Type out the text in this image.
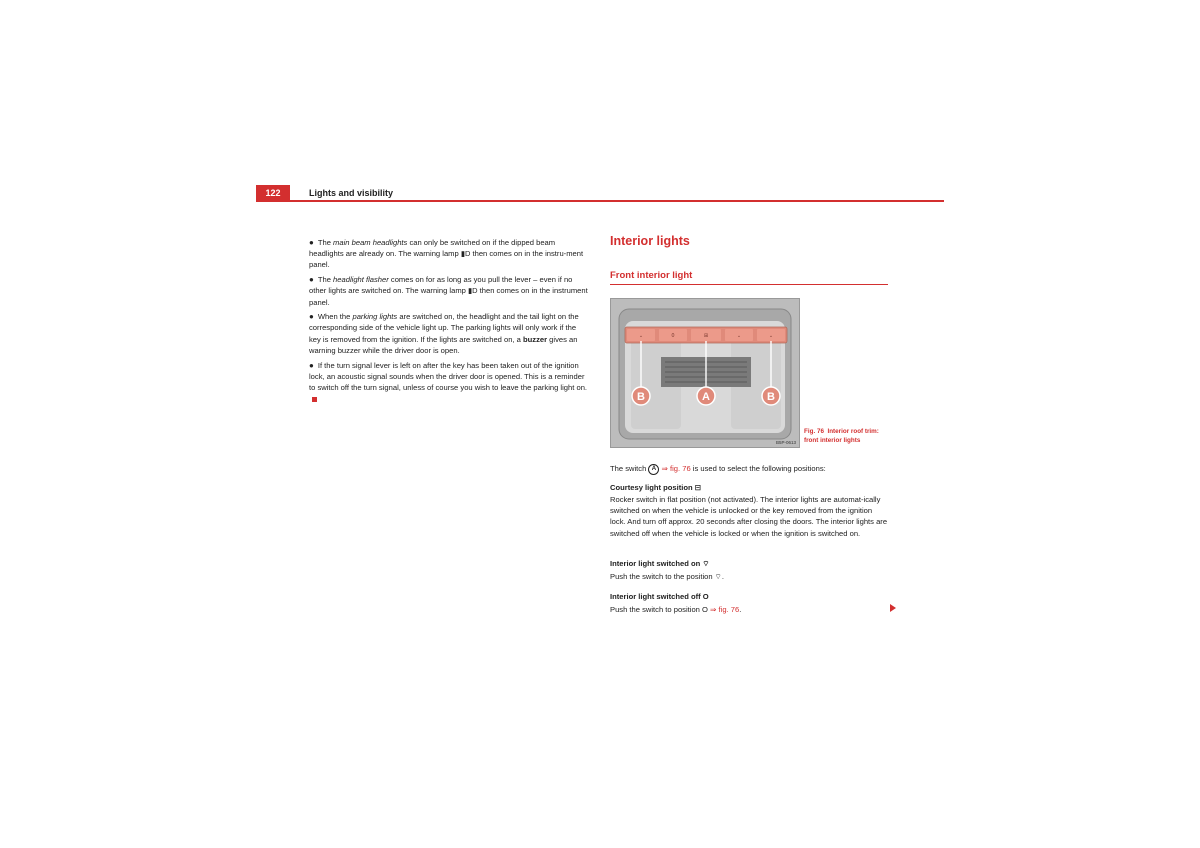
122	Lights and visibility
● The main beam headlights can only be switched on if the dipped beam headlights are already on. The warning lamp ▮D then comes on in the instru-ment panel.
● The headlight flasher comes on for as long as you pull the lever – even if no other lights are switched on. The warning lamp ▮D then comes on in the instrument panel.
● When the parking lights are switched on, the headlight and the tail light on the corresponding side of the vehicle light up. The parking lights will only work if the key is removed from the ignition. If the lights are switched on, a buzzer gives an warning buzzer while the driver door is open.
● If the turn signal lever is left on after the key has been taken out of the ignition lock, an acoustic signal sounds when the driver door is opened. This is a reminder to switch off the turn signal, unless of course you wish to leave the parking light on.
Interior lights
Front interior light
⌄	0	⊞	⌄	⌄
B	A	B
B5P-0613
Fig. 76 Interior roof trim: front interior lights
The switch A ⇒ fig. 76 is used to select the following positions:
Courtesy light position ⊟
Rocker switch in flat position (not activated). The interior lights are automat-ically switched on when the vehicle is unlocked or the key removed from the ignition lock. And turn off approx. 20 seconds after closing the doors. The interior lights are switched off when the vehicle is locked or when the ignition is switched on.
Interior light switched on ⌔
Push the switch to the position ⌔.
Interior light switched off O
Push the switch to position O ⇒ fig. 76.
